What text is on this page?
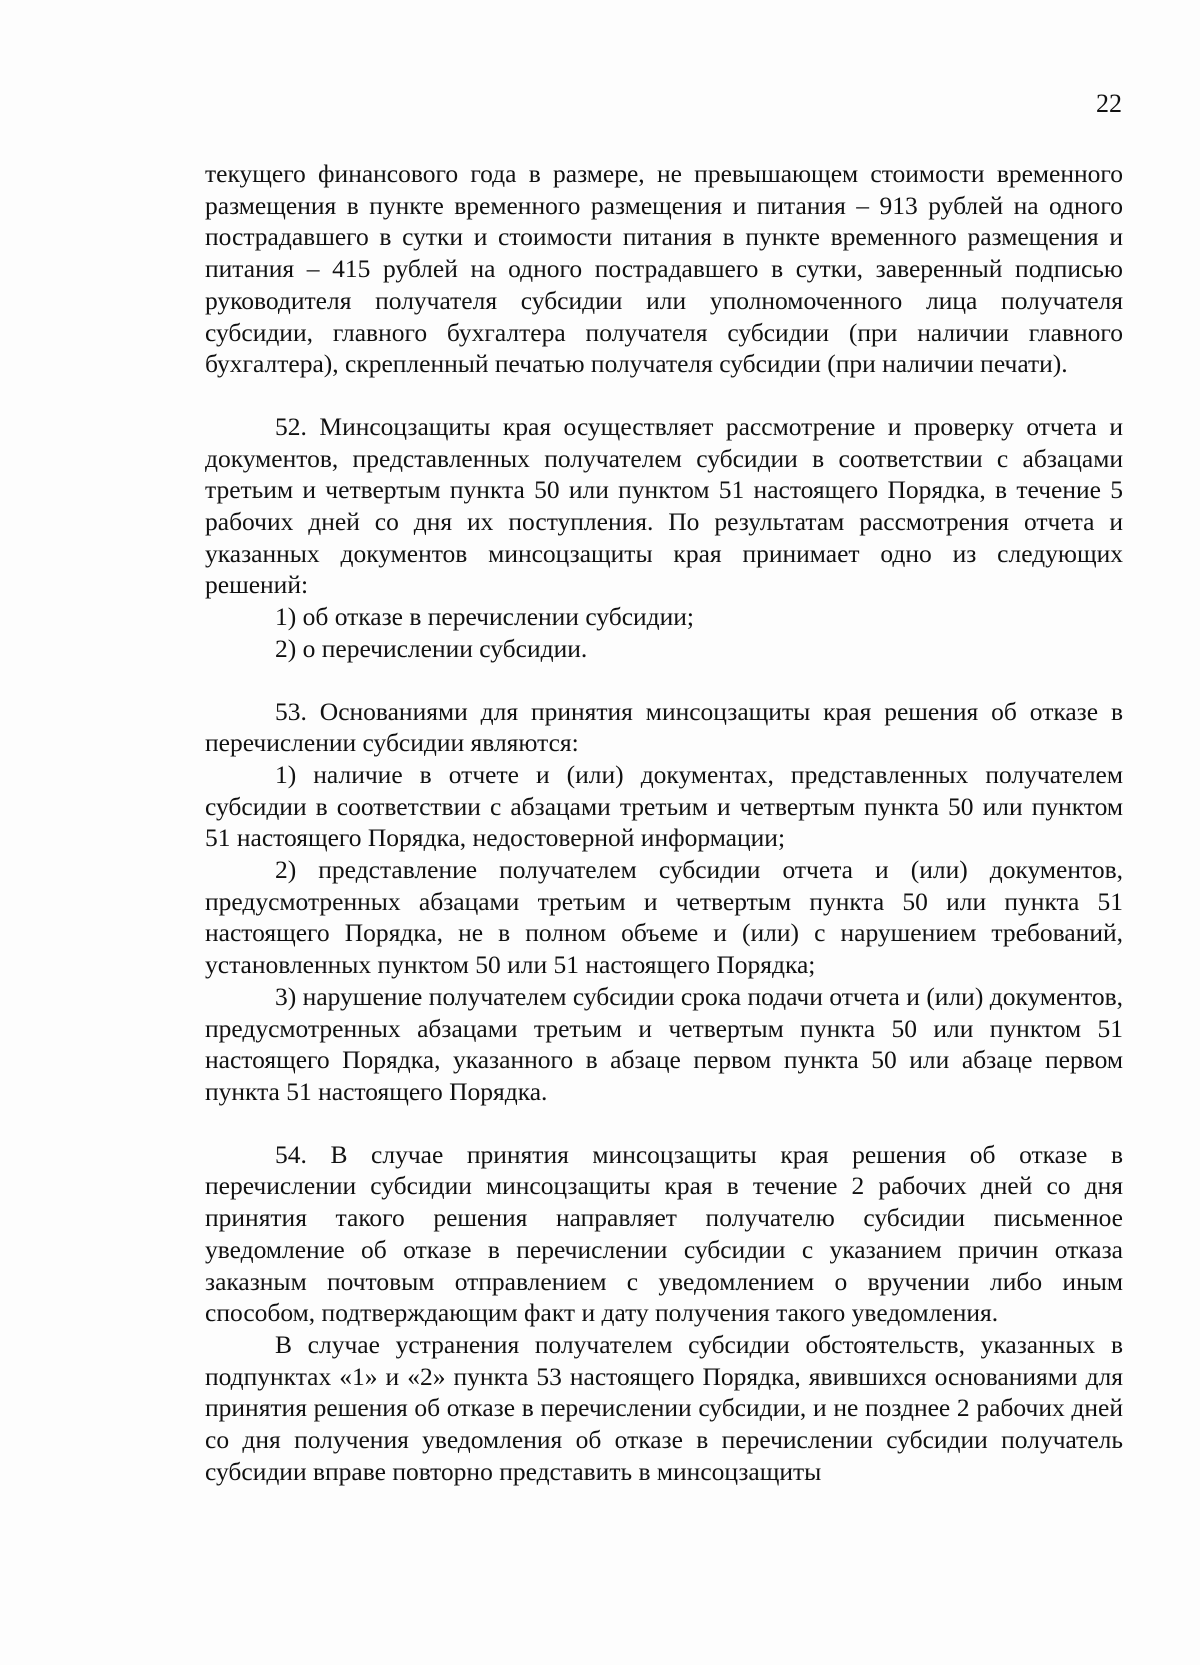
22

текущего финансового года в размере, не превышающем стоимости временного размещения в пункте временного размещения и питания – 913 рублей на одного пострадавшего в сутки и стоимости питания в пункте временного размещения и питания – 415 рублей на одного пострадавшего в сутки, заверенный подписью руководителя получателя субсидии или уполномоченного лица получателя субсидии, главного бухгалтера получателя субсидии (при наличии главного бухгалтера), скрепленный печатью получателя субсидии (при наличии печати).

52. Минсоцзащиты края осуществляет рассмотрение и проверку отчета и документов, представленных получателем субсидии в соответствии с абзацами третьим и четвертым пункта 50 или пунктом 51 настоящего Порядка, в течение 5 рабочих дней со дня их поступления. По результатам рассмотрения отчета и указанных документов минсоцзащиты края принимает одно из следующих решений:

1) об отказе в перечислении субсидии;

2) о перечислении субсидии.

53. Основаниями для принятия минсоцзащиты края решения об отказе в перечислении субсидии являются:

1) наличие в отчете и (или) документах, представленных получателем субсидии в соответствии с абзацами третьим и четвертым пункта 50 или пунктом 51 настоящего Порядка, недостоверной информации;

2) представление получателем субсидии отчета и (или) документов, предусмотренных абзацами третьим и четвертым пункта 50 или пункта 51 настоящего Порядка, не в полном объеме и (или) с нарушением требований, установленных пунктом 50 или 51 настоящего Порядка;

3) нарушение получателем субсидии срока подачи отчета и (или) документов, предусмотренных абзацами третьим и четвертым пункта 50 или пунктом 51 настоящего Порядка, указанного в абзаце первом пункта 50 или абзаце первом пункта 51 настоящего Порядка.

54. В случае принятия минсоцзащиты края решения об отказе в перечислении субсидии минсоцзащиты края в течение 2 рабочих дней со дня принятия такого решения направляет получателю субсидии письменное уведомление об отказе в перечислении субсидии с указанием причин отказа заказным почтовым отправлением с уведомлением о вручении либо иным способом, подтверждающим факт и дату получения такого уведомления.

В случае устранения получателем субсидии обстоятельств, указанных в подпунктах «1» и «2» пункта 53 настоящего Порядка, явившихся основаниями для принятия решения об отказе в перечислении субсидии, и не позднее 2 рабочих дней со дня получения уведомления об отказе в перечислении субсидии получатель субсидии вправе повторно представить в минсоцзащиты
